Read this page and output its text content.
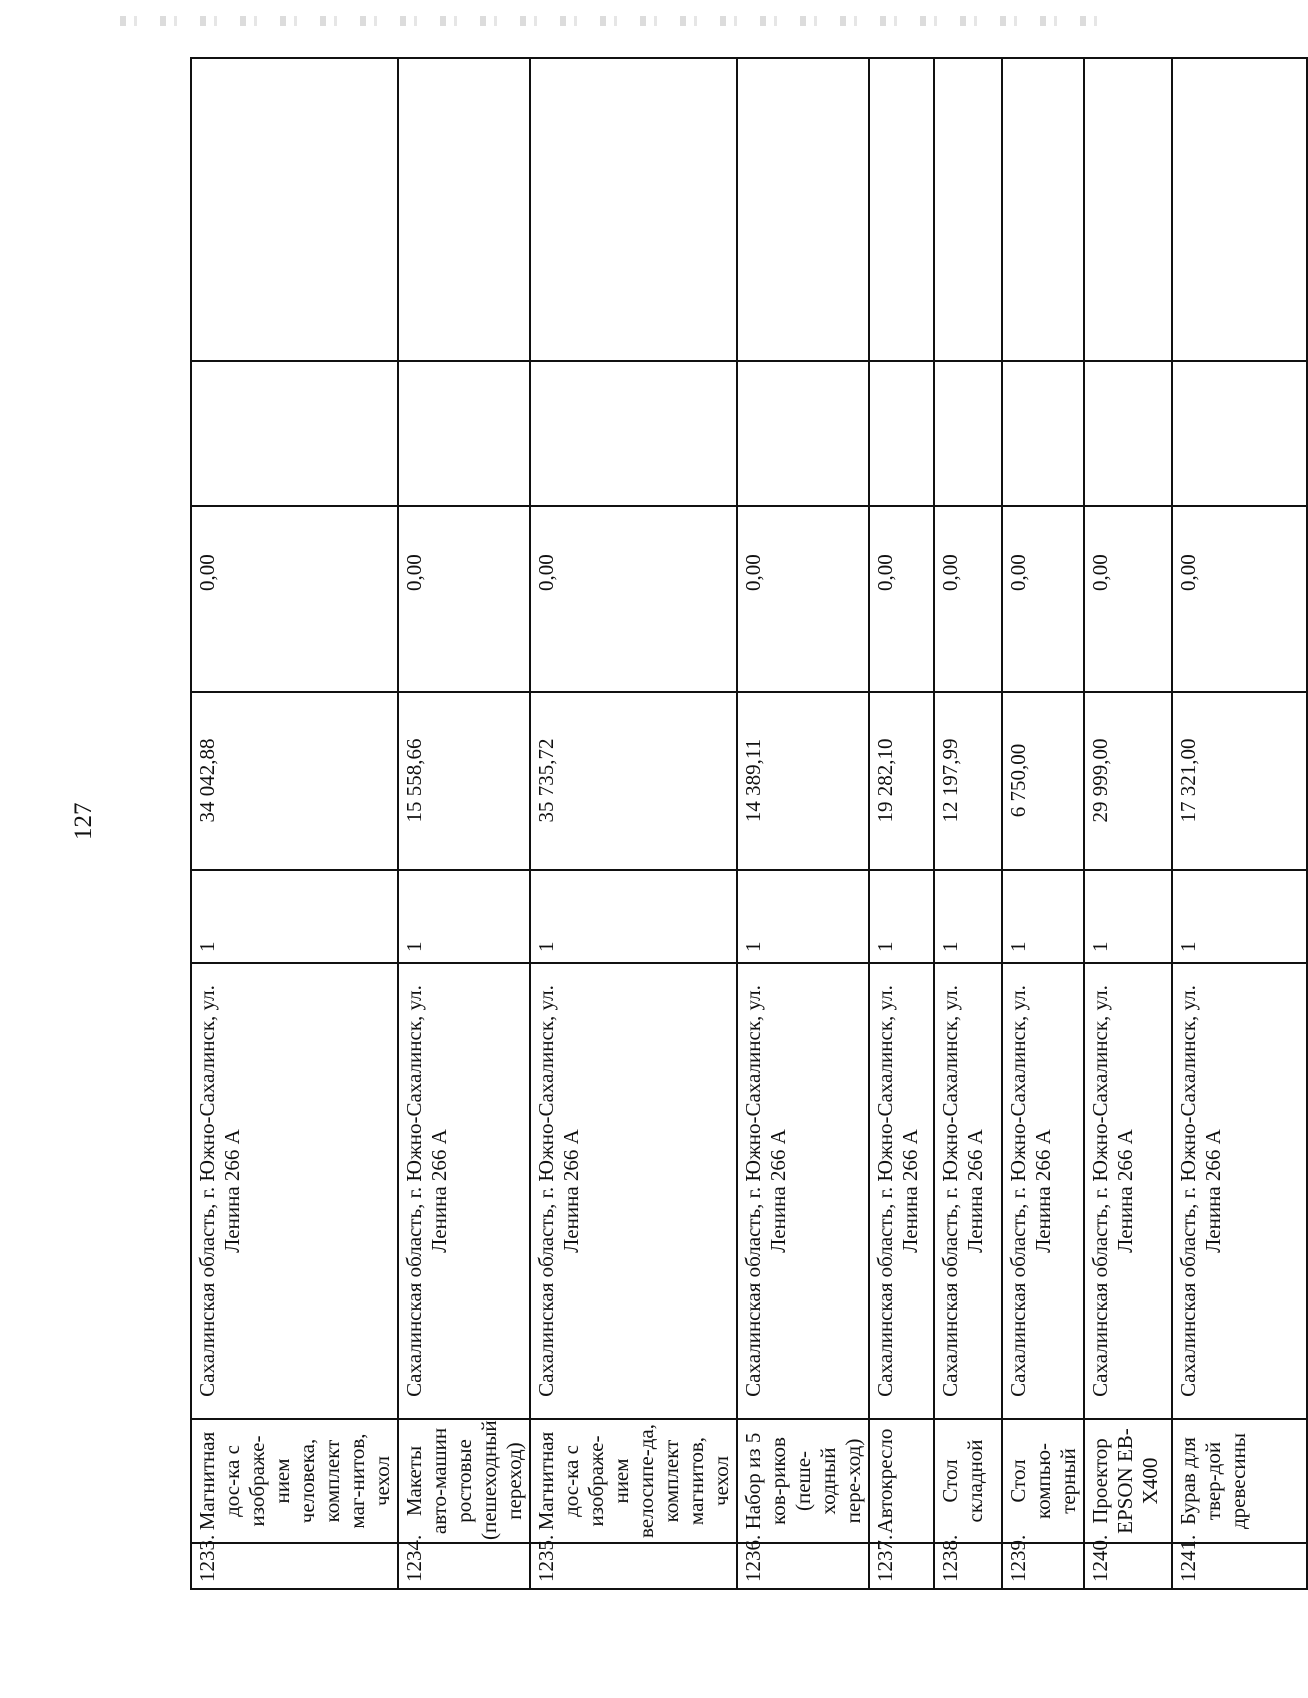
127
1233.	Магнитная дос-ка с изображе-нием человека, комплект маг-нитов, чехол	Сахалинская область, г. Южно-Сахалинск, ул. Ленина 266 А	1	34 042,88	0,00		
1234.	Макеты авто-машин ростовые (пешеходный переход)	Сахалинская область, г. Южно-Сахалинск, ул. Ленина 266 А	1	15 558,66	0,00		
1235.	Магнитная дос-ка с изображе-нием велосипе-да, комплект магнитов, чехол	Сахалинская область, г. Южно-Сахалинск, ул. Ленина 266 А	1	35 735,72	0,00		
1236.	Набор из 5 ков-риков (пеше-ходный пере-ход)	Сахалинская область, г. Южно-Сахалинск, ул. Ленина 266 А	1	14 389,11	0,00		
1237.	Автокресло	Сахалинская область, г. Южно-Сахалинск, ул. Ленина 266 А	1	19 282,10	0,00		
1238.	Стол складной	Сахалинская область, г. Южно-Сахалинск, ул. Ленина 266 А	1	12 197,99	0,00		
1239.	Стол компью-терный	Сахалинская область, г. Южно-Сахалинск, ул. Ленина 266 А	1	6 750,00	0,00		
1240.	Проектор EPSON EB-X400	Сахалинская область, г. Южно-Сахалинск, ул. Ленина 266 А	1	29 999,00	0,00		
1241.	Бурав для твер-дой древесины	Сахалинская область, г. Южно-Сахалинск, ул. Ленина 266 А	1	17 321,00	0,00		
